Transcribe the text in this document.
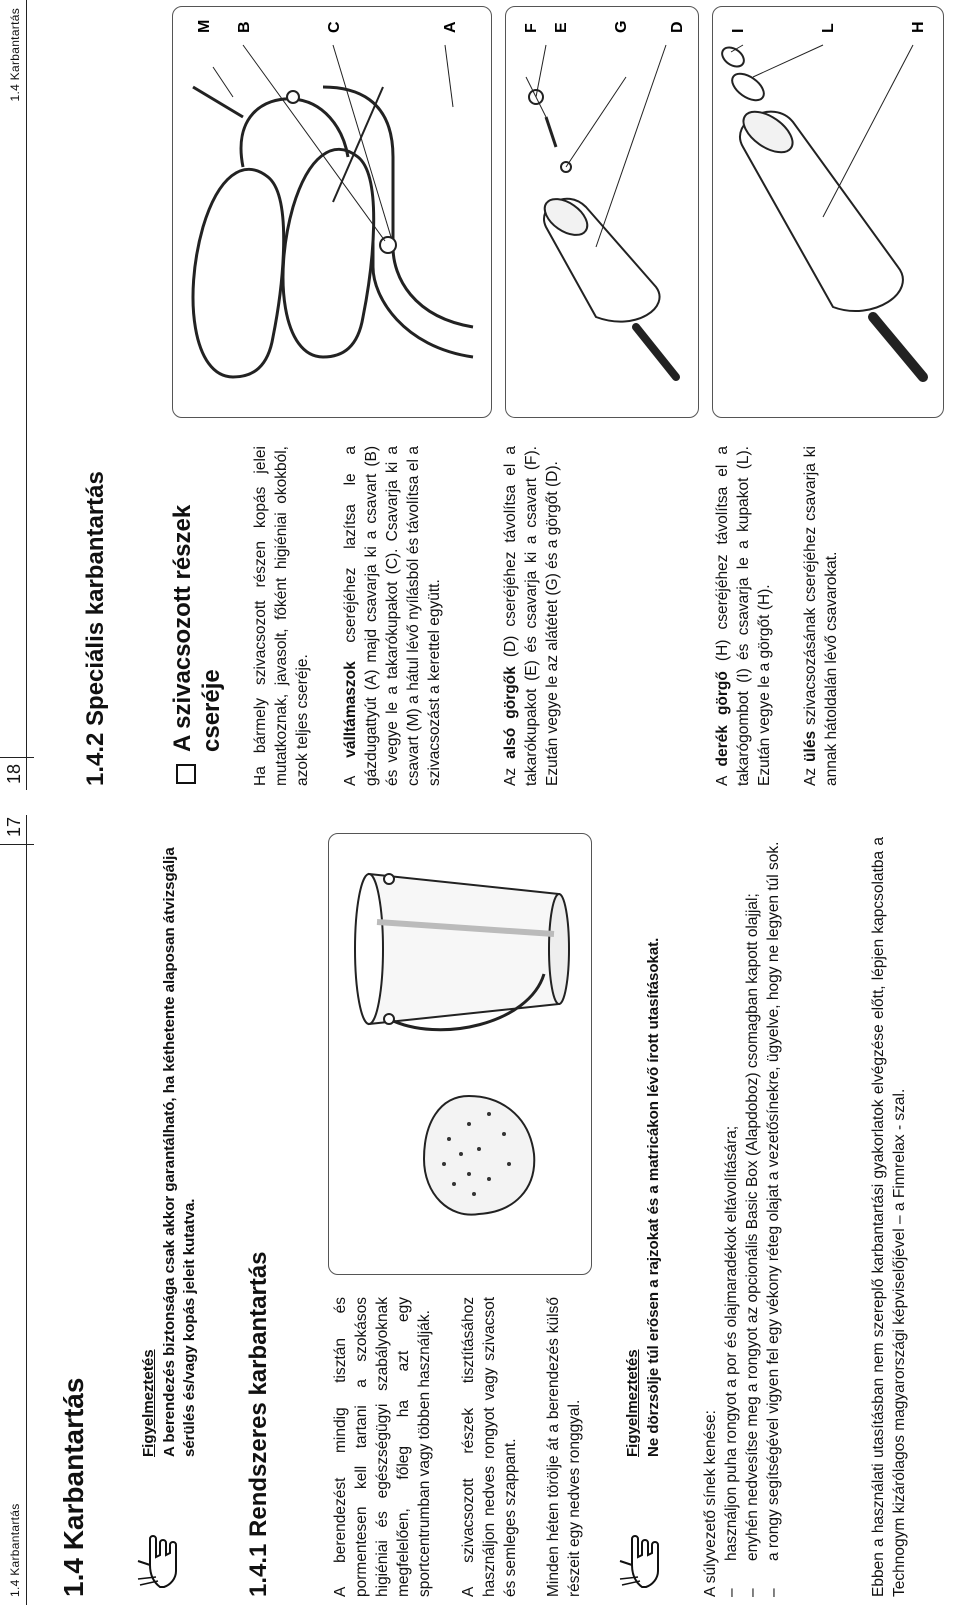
1.4 Karbantartás
17
1.4 Karbantartás	Figyelmeztetés A berendezés biztonsága csak akkor garantálható, ha kéthetente alaposan átvizsgálja sérülés és/vagy kopás jeleit kutatva. 1.4.1 Rendszeres karbantartás	A berendezést mindig tisztán és pormentesen kell tartani a szokásos higiéniai és egészségügyi szabályoknak megfelelően, főleg ha azt egy sportcentrumban vagy többen használják. A szivacsozott részek tisztításához használjon nedves rongyot vagy szivacsot és semleges szappant. Minden héten törölje át a berendezés külső részeit egy nedves ronggyal.	Figyelmeztetés Ne dörzsölje túl erősen a rajzokat és a matricákon lévő írott utasításokat.
A súlyvezető sínek kenése: –
használjon puha rongyot a por és olajmaradékok eltávolítására;
–
enyhén nedvesítse meg a rongyot az opcionális Basic Box (Alapdoboz) csomagban kapott olajjal;
–
a rongy segítségével vigyen fel egy vékony réteg olajat a vezetősínekre, ügyelve, hogy ne legyen túl sok.	Ebben a használati utasításban nem szereplő karbantartási gyakorlatok elvégzése előtt, lépjen kapcsolatba a Technogym kizárólagos magyarországi képviselőjével – a Finnrelax - szal.
18
1.4 Karbantartás
1.4.2 Speciális karbantartás	A szivacsozott részek cseréje Ha bármely szivacsozott részen kopás jelei mutatkoznak, javasolt, főként higiéniai okokból, azok teljes cseréje. A válltámaszok cseréjéhez lazítsa le a gázdugattyút (A) majd csavarja ki a csavart (B) és vegye le a takarókupakot (C). Csavarja ki a csavart (M) a hátul lévő nyílásból és távolítsa el a szivacsozást a kerettel együtt.	Az alsó görgők (D) cseréjéhez távolítsa el a takarókupakot (E) és csavarja ki a csavart (F). Ezután vegye le az alátétet (G) és a görgőt (D).	A derék görgő (H) cseréjéhez távolítsa el a takarógombot (I) és csavarja le a kupakot (L). Ezután vegye le a görgőt (H). Az ülés szivacsozásának cseréjéhez csavarja ki annak hátoldalán lévő csavarokat.
M B	C	A	F	G
E	D	I	L	H
